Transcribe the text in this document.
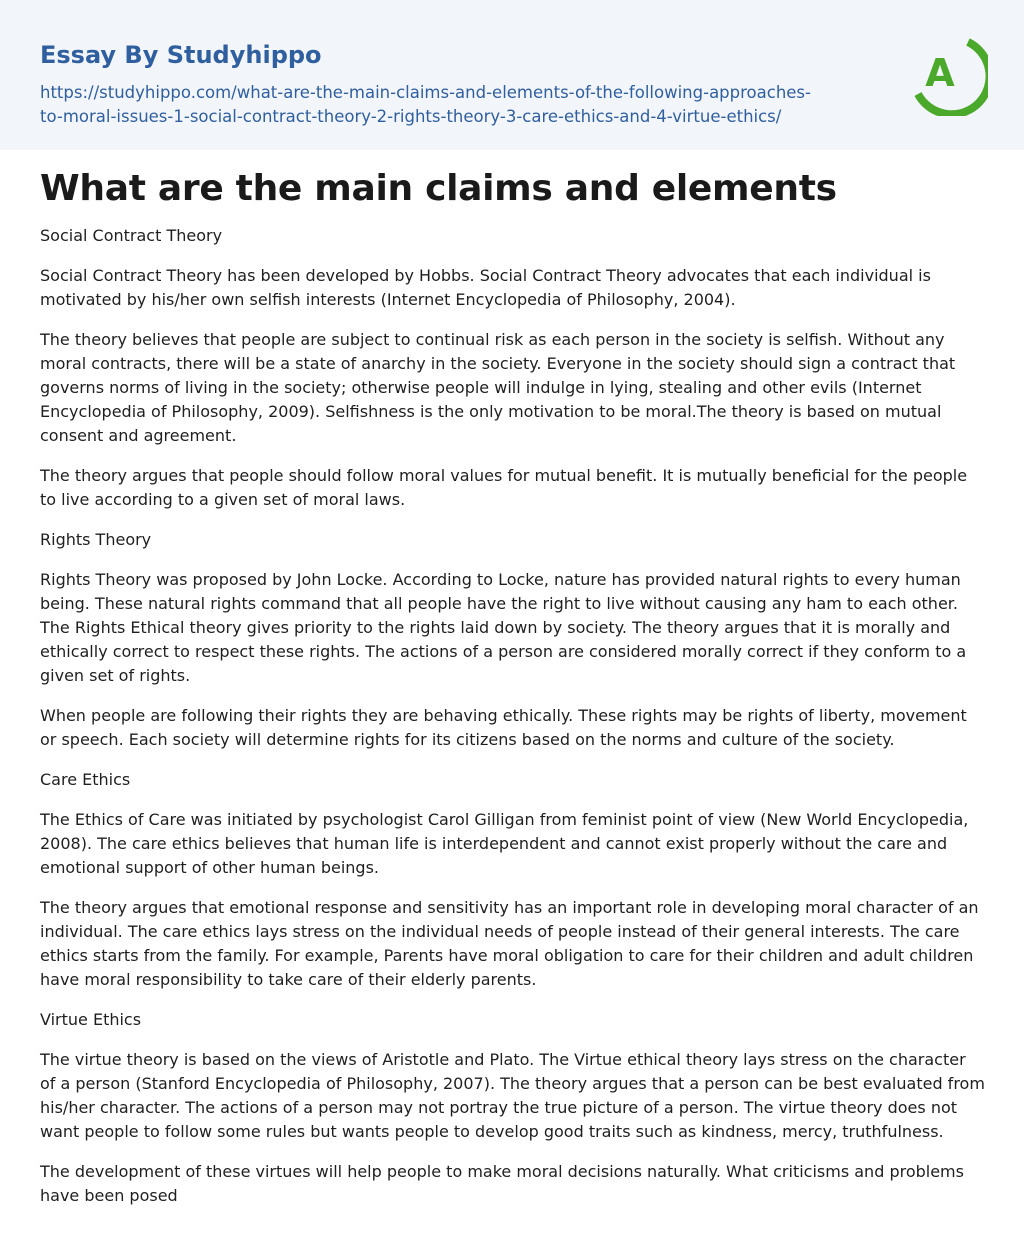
Essay By Studyhippo
https://studyhippo.com/what-are-the-main-claims-and-elements-of-the-following-approaches-
to-moral-issues-1-social-contract-theory-2-rights-theory-3-care-ethics-and-4-virtue-ethics/
A
What are the main claims and elements
Social Contract Theory

Social Contract Theory has been developed by Hobbs. Social Contract Theory advocates that each individual is motivated by his/her own selfish interests (Internet Encyclopedia of Philosophy, 2004).

The theory believes that people are subject to continual risk as each person in the society is selfish. Without any moral contracts, there will be a state of anarchy in the society. Everyone in the society should sign a contract that governs norms of living in the society; otherwise people will indulge in lying, stealing and other evils (Internet Encyclopedia of Philosophy, 2009). Selfishness is the only motivation to be moral.The theory is based on mutual consent and agreement.

The theory argues that people should follow moral values for mutual benefit. It is mutually beneficial for the people to live according to a given set of moral laws.

Rights Theory

Rights Theory was proposed by John Locke. According to Locke, nature has provided natural rights to every human being. These natural rights command that all people have the right to live without causing any ham to each other. The Rights Ethical theory gives priority to the rights laid down by society. The theory argues that it is morally and ethically correct to respect these rights. The actions of a person are considered morally correct if they conform to a given set of rights.

When people are following their rights they are behaving ethically. These rights may be rights of liberty, movement or speech. Each society will determine rights for its citizens based on the norms and culture of the society.

Care Ethics

The Ethics of Care was initiated by psychologist Carol Gilligan from feminist point of view (New World Encyclopedia, 2008). The care ethics believes that human life is interdependent and cannot exist properly without the care and emotional support of other human beings.

The theory argues that emotional response and sensitivity has an important role in developing moral character of an individual. The care ethics lays stress on the individual needs of people instead of their general interests. The care ethics starts from the family. For example, Parents have moral obligation to care for their children and adult children have moral responsibility to take care of their elderly parents.

Virtue Ethics

The virtue theory is based on the views of Aristotle and Plato. The Virtue ethical theory lays stress on the character of a person (Stanford Encyclopedia of Philosophy, 2007). The theory argues that a person can be best evaluated from his/her character. The actions of a person may not portray the true picture of a person. The virtue theory does not want people to follow some rules but wants people to develop good traits such as kindness, mercy, truthfulness.

The development of these virtues will help people to make moral decisions naturally. What criticisms and problems have been posed
